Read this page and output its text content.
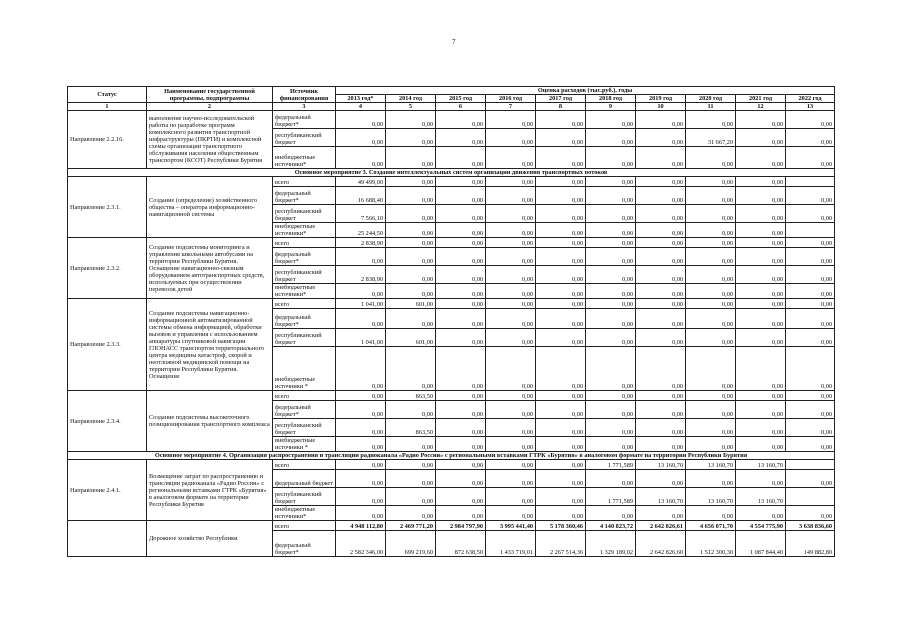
7
Статус	Наименование государственной программы, подпрограммы	Источник финансирования	Оценка расходов (тыс.руб.), годы									
			2013 год*	2014 год	2015 год	2016 год	2017 год	2018 год	2019 год	2020 год	2021 год	2022 год
1	2	3	4	5	6	7	8	9	10	11	12	13
Направление 2.2.16.	выполнение научно-исследовательской работы по разработке программ комплексного развития транспортной инфраструктуры (ПКРТИ) и комплексной схемы организации транспортного обслуживания населения общественным транспортом (КСОТ) Республики Бурятия	федеральный бюджет*	0,00	0,00	0,00	0,00	0,00	0,00	0,00	0,00	0,00	0,00
		республиканский бюджет	0,00	0,00	0,00	0,00	0,00	0,00	0,00	31 667,20	0,00	0,00
		внебюджетные источники*	0,00	0,00	0,00	0,00	0,00	0,00	0,00	0,00	0,00	0,00
Основное мероприятие 3. Создание интеллектуальных систем организации движения транспортных потоков												
Направление 2.3.1.	Создание (определение) хозяйственного общества – оператора информационно-навигационной системы	всего	49 499,00	0,00	0,00	0,00	0,00	0,00	0,00	0,00	0,00	
		федеральный бюджет*	16 688,40	0,00	0,00	0,00	0,00	0,00	0,00	0,00	0,00	0,00
		республиканский бюджет	7 566,10	0,00	0,00	0,00	0,00	0,00	0,00	0,00	0,00	0,00
		внебюджетные источники*	25 244,50	0,00	0,00	0,00	0,00	0,00	0,00	0,00	0,00	
Направление 2.3.2.	Создание подсистемы мониторинга и управления школьными автобусами на территории Республики Бурятия. Оснащение навигационно-связным оборудованием автотранспортных средств, используемых при осуществлении перевозок детей	всего	2 838,90	0,00	0,00	0,00	0,00	0,00	0,00	0,00	0,00	0,00
		федеральный бюджет*	0,00	0,00	0,00	0,00	0,00	0,00	0,00	0,00	0,00	0,00
		республиканский бюджет	2 838,90	0,00	0,00	0,00	0,00	0,00	0,00	0,00	0,00	0,00
		внебюджетные источники*	0,00	0,00	0,00	0,00	0,00	0,00	0,00	0,00	0,00	0,00
Направление 2.3.3.	Создание подсистемы навигационно-информационной автоматизированной системы обмена информацией, обработки вызовов и управления с использованием аппаратуры спутниковой навигации ГЛОНАСС транспортом территориального центра медицины катастроф, скорой и неотложной медицинской помощи на территории Республики Бурятия. Оснащение	всего	1 041,00	601,00	0,00	0,00	0,00	0,00	0,00	0,00	0,00	0,00
		федеральный бюджет*	0,00	0,00	0,00	0,00	0,00	0,00	0,00	0,00	0,00	0,00
		республиканский бюджет	1 041,00	601,00	0,00	0,00	0,00	0,00	0,00	0,00	0,00	0,00
		внебюджетные источники *	0,00	0,00	0,00	0,00	0,00	0,00	0,00	0,00	0,00	0,00
Направление 2.3.4.	Создание подсистемы высокоточного позиционирования транспортного комплекса	всего	0,00	863,50	0,00	0,00	0,00	0,00	0,00	0,00	0,00	0,00
		федеральный бюджет*	0,00	0,00	0,00	0,00	0,00	0,00	0,00	0,00	0,00	0,00
		республиканский бюджет	0,00	863,50	0,00	0,00	0,00	0,00	0,00	0,00	0,00	0,00
		внебюджетные источники *	0,00	0,00	0,00	0,00	0,00	0,00	0,00	0,00	0,00	0,00
Основное мероприятие 4. Организация распространения и трансляции радиоканала «Радио России» с региональными вставками ГТРК «Бурятия» в аналоговом формате на территории Республики Бурятия												
Направление 2.4.1.	Возмещение затрат по распространению и трансляции радиоканала «Радио России» с региональными вставками ГТРК «Бурятия» в аналоговом формате на территории Республики Бурятия	всего	0,00	0,00	0,00	0,00	0,00	1 771,589	13 160,70	13 160,70	13 160,70	
		федеральный бюджет	0,00	0,00	0,00	0,00	0,00	0,00	0,00	0,00	0,00	0,00
		республиканский бюджет	0,00	0,00	0,00	0,00	0,00	1 771,589	13 160,70	13 160,70	13 160,70	
		внебюджетные источники*	0,00	0,00	0,00	0,00	0,00	0,00	0,00	0,00	0,00	0,00

	Дорожное хозяйство Республики	всего	4 948 112,80	2 469 771,20	2 984 797,90	3 995 441,40	5 178 360,46	4 140 823,72	2 642 826,61	4 656 071,70	4 554 775,90	3 638 836,60
		федеральный бюджет*	2 582 346,00	699 219,60	872 638,50	1 433 719,01	2 267 514,36	1 329 189,02	2 642 826,60	1 512 300,30	1 087 844,40	149 882,80
